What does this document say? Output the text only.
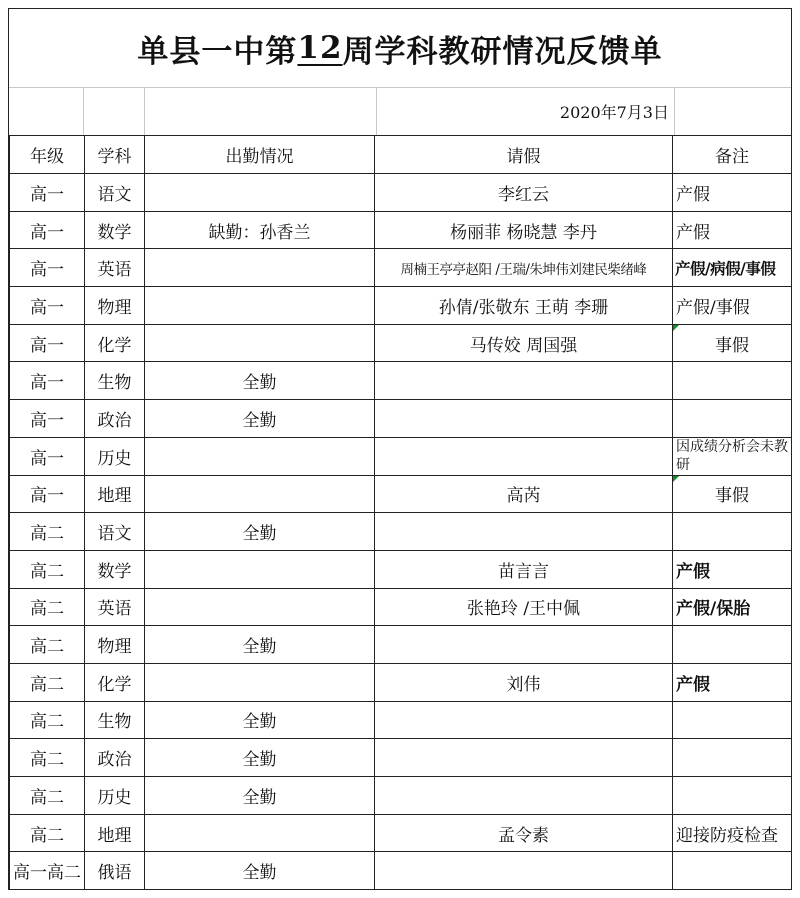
单县一中第 12 周学科教研情况反馈单
2020年7月3日
年级	学科	出勤情况	请假	备注
高一	语文		李红云	产假
高一	数学	缺勤：孙香兰	杨丽菲 杨晓慧 李丹	产假
高一	英语		周楠王亭亭赵阳 /王瑞/朱坤伟刘建民柴绪峰	产假/病假/事假
高一	物理		孙倩/张敬东 王萌 李珊	产假/事假
高一	化学		马传姣 周国强	事假
高一	生物	全勤		
高一	政治	全勤		
高一	历史			因成绩分析会未教研
高一	地理		高芮	事假
高二	语文	全勤		
高二	数学		苗言言	产假
高二	英语		张艳玲 /王中佩	产假/保胎
高二	物理	全勤		
高二	化学		刘伟	产假
高二	生物	全勤		
高二	政治	全勤		
高二	历史	全勤		
高二	地理		孟令素	迎接防疫检查
高一高二	俄语	全勤		
